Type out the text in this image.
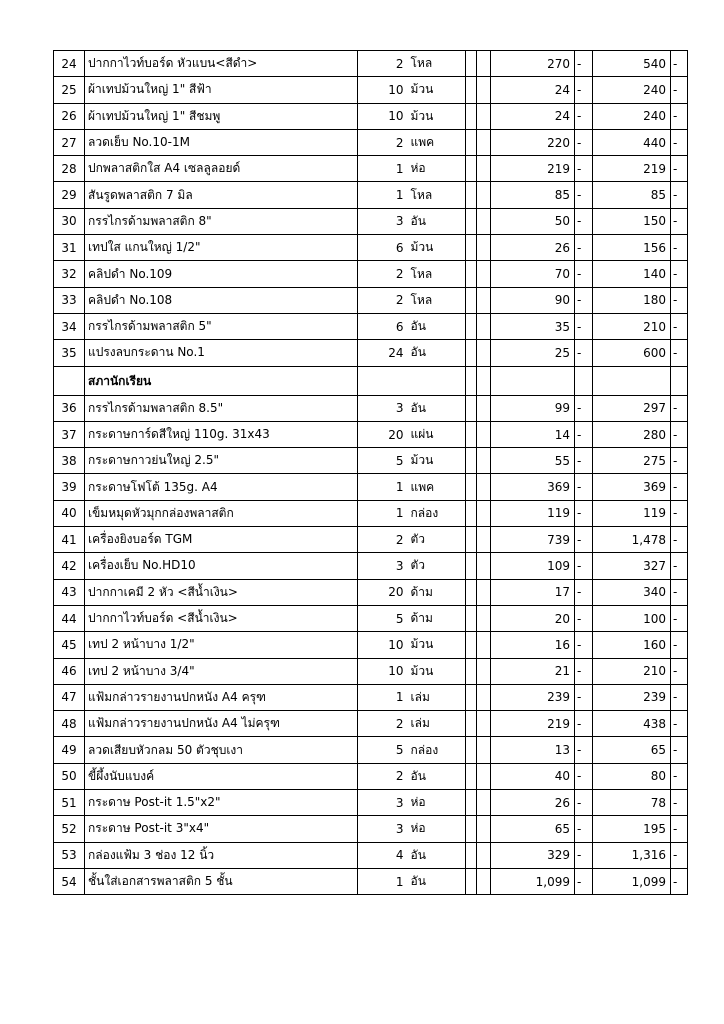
24	ปากกาไวท์บอร์ด หัวแบน<สีดำ>	2	โหล			270	-	540	-
25	ผ้าเทปม้วนใหญ่ 1" สีฟ้า	10	ม้วน			24	-	240	-
26	ผ้าเทปม้วนใหญ่ 1" สีชมพู	10	ม้วน			24	-	240	-
27	ลวดเย็บ No.10-1M	2	แพค			220	-	440	-
28	ปกพลาสติกใส A4 เซลลูลอยด์	1	ห่อ			219	-	219	-
29	สันรูดพลาสติก 7 มิล	1	โหล			85	-	85	-
30	กรรไกรด้ามพลาสติก 8"	3	อัน			50	-	150	-
31	เทปใส แกนใหญ่ 1/2"	6	ม้วน			26	-	156	-
32	คลิปดำ No.109	2	โหล			70	-	140	-
33	คลิปดำ No.108	2	โหล			90	-	180	-
34	กรรไกรด้ามพลาสติก 5"	6	อัน			35	-	210	-
35	แปรงลบกระดาน No.1	24	อัน			25	-	600	-
	สภานักเรียน								
36	กรรไกรด้ามพลาสติก 8.5"	3	อัน			99	-	297	-
37	กระดาษการ์ดสีใหญ่ 110g. 31x43	20	แผ่น			14	-	280	-
38	กระดาษกาวย่นใหญ่ 2.5"	5	ม้วน			55	-	275	-
39	กระดาษโฟโต้ 135g. A4	1	แพค			369	-	369	-
40	เข็มหมุดหัวมุกกล่องพลาสติก	1	กล่อง			119	-	119	-
41	เครื่องยิงบอร์ด TGM	2	ตัว			739	-	1,478	-
42	เครื่องเย็บ No.HD10	3	ตัว			109	-	327	-
43	ปากกาเคมี 2 หัว <สีน้ำเงิน>	20	ด้าม			17	-	340	-
44	ปากกาไวท์บอร์ด <สีน้ำเงิน>	5	ด้าม			20	-	100	-
45	เทป 2 หน้าบาง 1/2"	10	ม้วน			16	-	160	-
46	เทป 2 หน้าบาง 3/4"	10	ม้วน			21	-	210	-
47	แฟ้มกล่าวรายงานปกหนัง A4 ครุฑ	1	เล่ม			239	-	239	-
48	แฟ้มกล่าวรายงานปกหนัง A4 ไม่ครุฑ	2	เล่ม			219	-	438	-
49	ลวดเสียบหัวกลม 50 ตัวชุบเงา	5	กล่อง			13	-	65	-
50	ขี้ผึ้งนับแบงค์	2	อัน			40	-	80	-
51	กระดาษ Post-it 1.5"x2"	3	ห่อ			26	-	78	-
52	กระดาษ Post-it 3"x4"	3	ห่อ			65	-	195	-
53	กล่องแฟ้ม 3 ช่อง 12 นิ้ว	4	อัน			329	-	1,316	-
54	ชั้นใส่เอกสารพลาสติก 5 ชั้น	1	อัน			1,099	-	1,099	-
